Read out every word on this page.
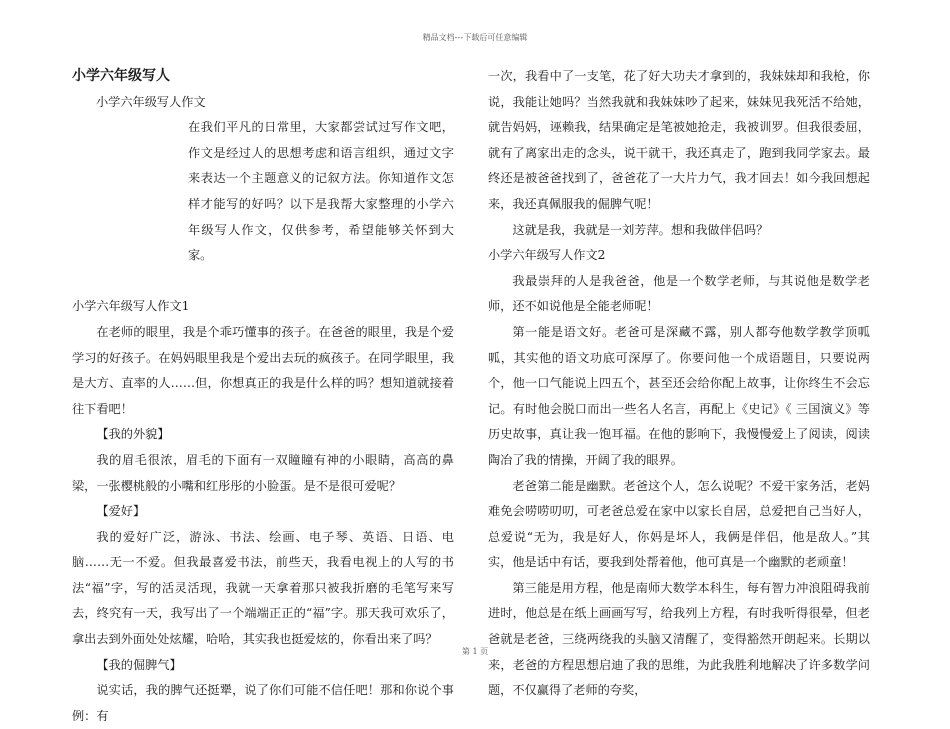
精品文档---下载后可任意编辑

小学六年级写人

小学六年级写人作文

在我们平凡的日常里，大家都尝试过写作文吧，作文是经过人的思想考虑和语言组织，通过文字来表达一个主题意义的记叙方法。你知道作文怎样才能写的好吗？以下是我帮大家整理的小学六年级写人作文，仅供参考，希望能够关怀到大家。

小学六年级写人作文1

在老师的眼里，我是个乖巧懂事的孩子。在爸爸的眼里，我是个爱学习的好孩子。在妈妈眼里我是个爱出去玩的疯孩子。在同学眼里，我是大方、直率的人……但，你想真正的我是什么样的吗？想知道就接着往下看吧！

【我的外貌】

我的眉毛很浓，眉毛的下面有一双瞳瞳有神的小眼睛，高高的鼻梁，一张樱桃般的小嘴和红彤彤的小脸蛋。是不是很可爱呢？

【爱好】

我的爱好广泛，游泳、书法、绘画、电子琴、英语、日语、电脑……无一不爱。但我最喜爱书法，前些天，我看电视上的人写的书法“福”字，写的活灵活现，我就一天拿着那只被我折磨的毛笔写来写去，终究有一天，我写出了一个端端正正的“福”字。那天我可欢乐了，拿出去到外面处处炫耀，哈哈，其实我也挺爱炫的，你看出来了吗？

【我的倔脾气】

说实话，我的脾气还挺犟，说了你们可能不信任吧！那和你说个事例：有

一次，我看中了一支笔，花了好大功夫才拿到的，我妹妹却和我枪，你说，我能让她吗？当然我就和我妹妹吵了起来，妹妹见我死活不给她，就告妈妈，诬赖我，结果确定是笔被她抢走，我被训罗。但我很委屈，就有了离家出走的念头，说干就干，我还真走了，跑到我同学家去。最终还是被爸爸找到了，爸爸花了一大片力气，我才回去！如今我回想起来，我还真佩服我的倔脾气呢！

这就是我，我就是一刘芳萍。想和我做伴侣吗？

小学六年级写人作文2

我最崇拜的人是我爸爸，他是一个数学老师，与其说他是数学老师，还不如说他是全能老师呢！

第一能是语文好。老爸可是深藏不露，别人都夸他数学教学顶呱呱，其实他的语文功底可深厚了。你要问他一个成语题目，只要说两个，他一口气能说上四五个，甚至还会给你配上故事，让你终生不会忘记。有时他会脱口而出一些名人名言，再配上《史记》《 三国演义》等历史故事，真让我一饱耳福。在他的影响下，我慢慢爱上了阅读，阅读陶冶了我的情操，开阔了我的眼界。

老爸第二能是幽默。老爸这个人，怎么说呢？不爱干家务活，老妈难免会唠唠叨叨，可老爸总爱在家中以家长自居，总爱把自己当好人，总爱说“无为，我是好人，你妈是坏人，我俩是伴侣，他是敌人。”其实，他是话中有话，要我到处帮着他，他可真是一个幽默的老顽童！

第三能是用方程，他是南师大数学本科生，每有智力冲浪阻碍我前进时，他总是在纸上画画写写，给我列上方程，有时我听得很晕，但老爸就是老爸，三绕两绕我的头脑又清醒了，变得豁然开朗起来。长期以来，老爸的方程思想启迪了我的思维，为此我胜利地解决了许多数学问题，不仅赢得了老师的夸奖，

第 1 页
